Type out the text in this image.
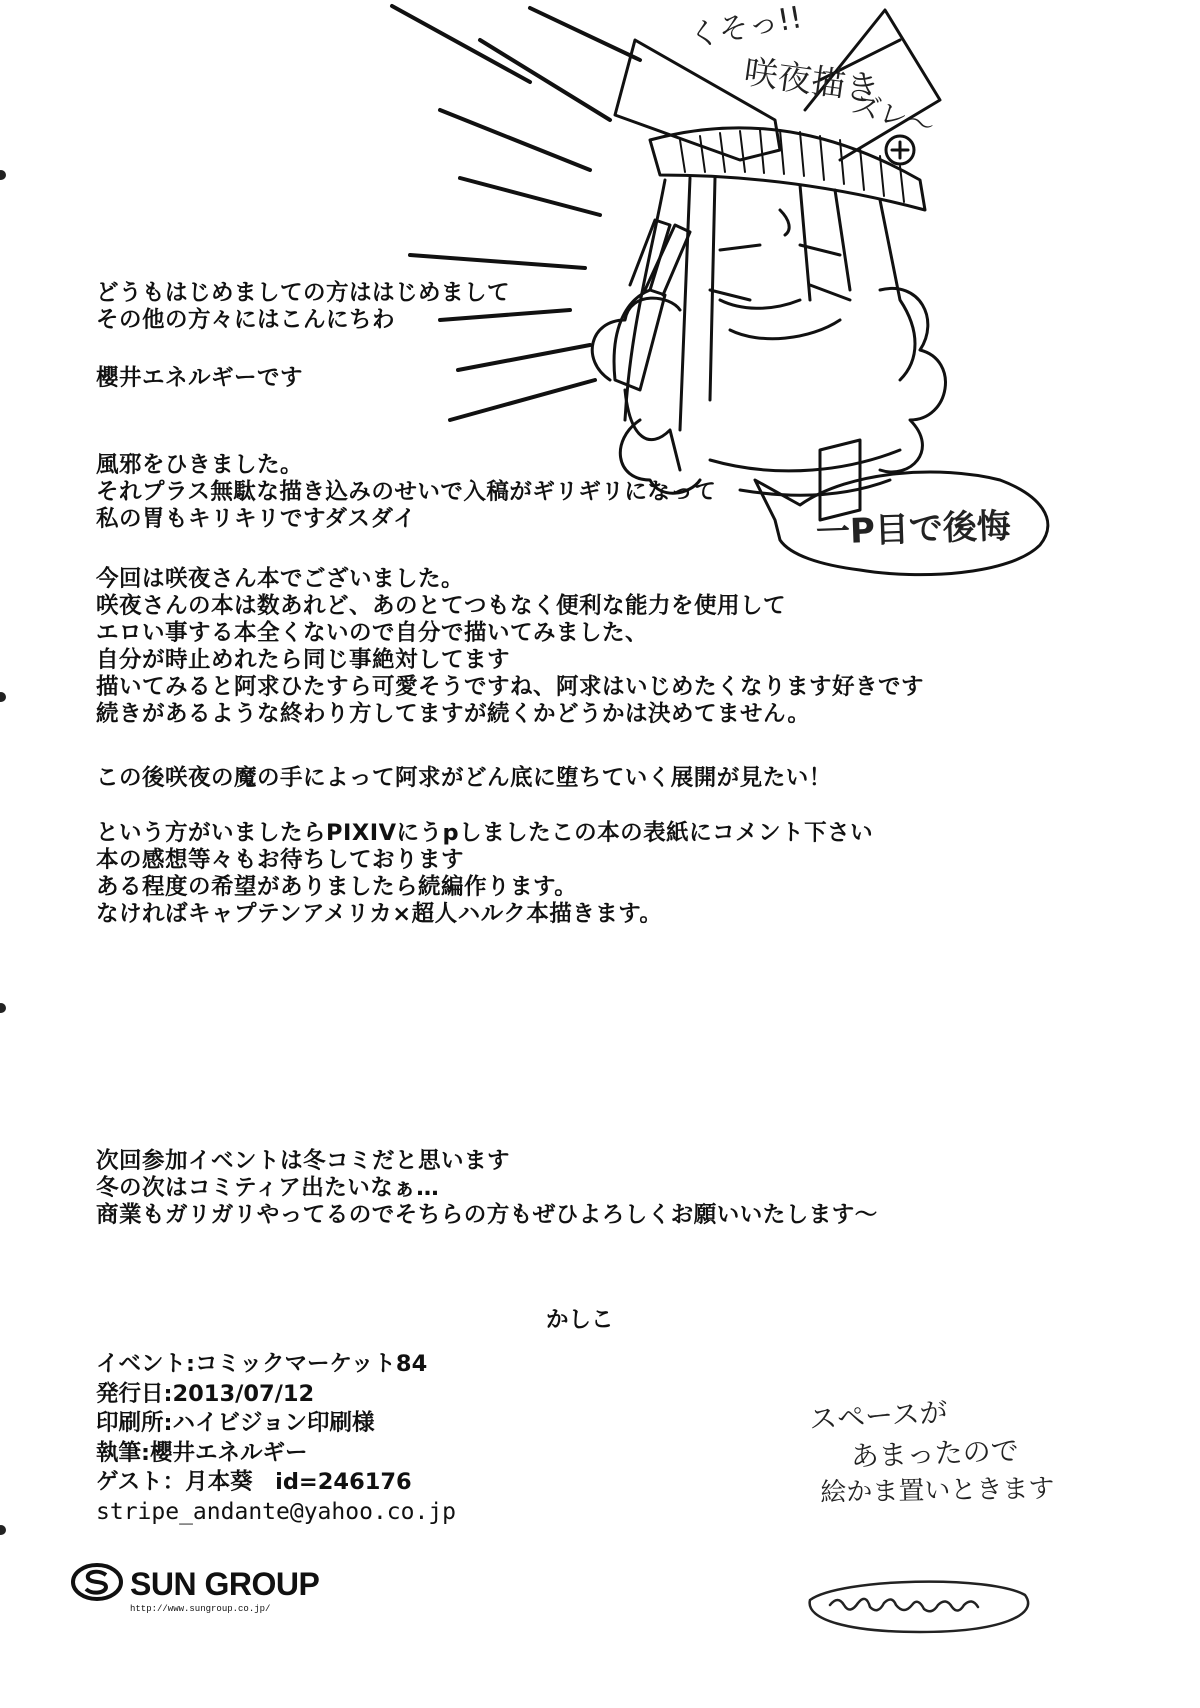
くそっ!!
咲夜描き
ズレ〜
一P目で後悔
どうもはじめましての方ははじめまして
その他の方々にはこんにちわ
櫻井エネルギーです
風邪をひきました。
それプラス無駄な描き込みのせいで入稿がギリギリになって
私の胃もキリキリですダスダイ
今回は咲夜さん本でございました。
咲夜さんの本は数あれど、あのとてつもなく便利な能力を使用して
エロい事する本全くないので自分で描いてみました、
自分が時止めれたら同じ事絶対してます
描いてみると阿求ひたすら可愛そうですね、阿求はいじめたくなります好きです
続きがあるような終わり方してますが続くかどうかは決めてません。
この後咲夜の魔の手によって阿求がどん底に堕ちていく展開が見たい！
という方がいましたらPIXIVにうpしましたこの本の表紙にコメント下さい
本の感想等々もお待ちしております
ある程度の希望がありましたら続編作ります。
なければキャプテンアメリカ×超人ハルク本描きます。
次回参加イベントは冬コミだと思います
冬の次はコミティア出たいなぁ…
商業もガリガリやってるのでそちらの方もぜひよろしくお願いいたします〜
かしこ
イベント:コミックマーケット84
発行日:2013/07/12
印刷所:ハイビジョン印刷様
執筆:櫻井エネルギー
ゲスト：月本葵　id=246176
stripe_andante@yahoo.co.jp
スペースが
あまったので
絵かま置いときます
SUN GROUP
http://www.sungroup.co.jp/
